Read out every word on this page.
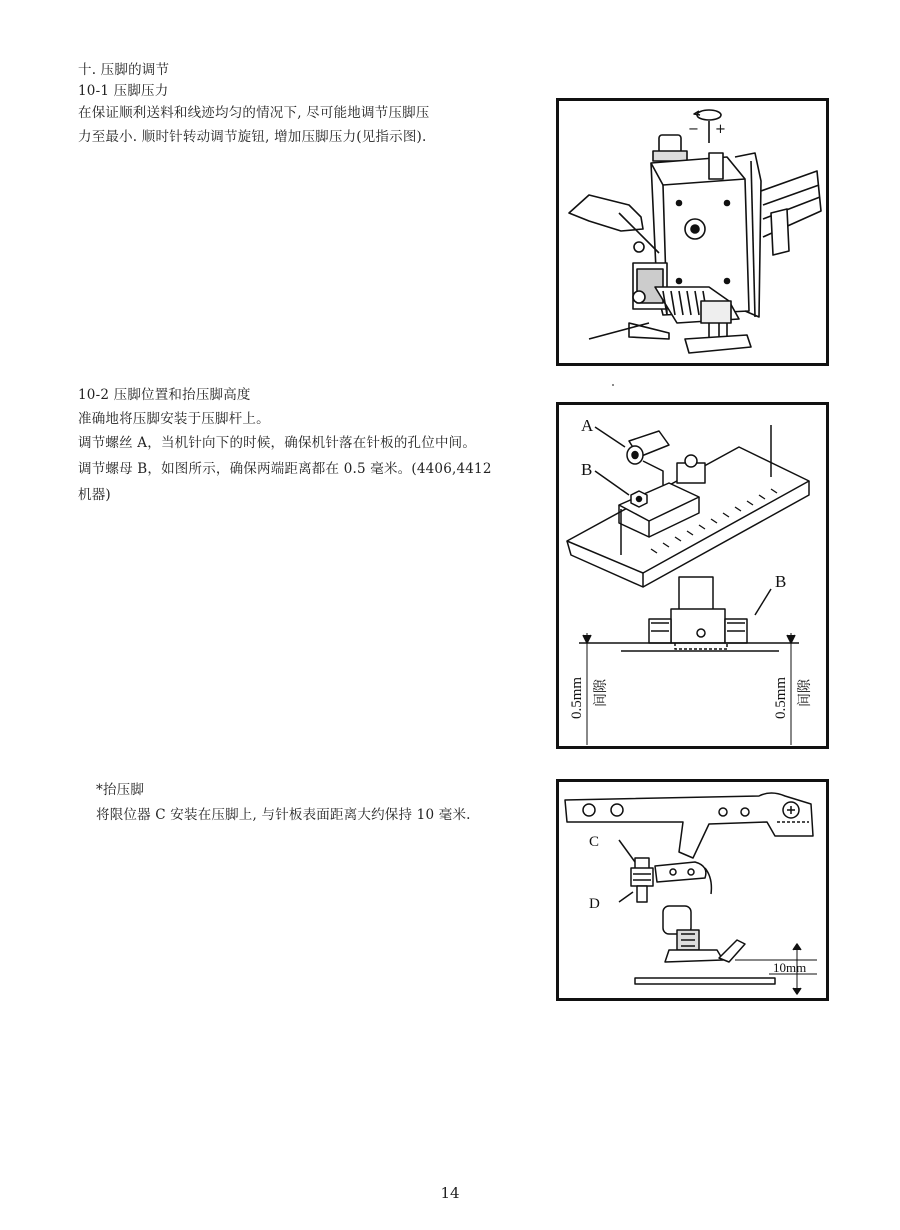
十. 压脚的调节
10-1 压脚压力
在保证顺利送料和线迹均匀的情况下, 尽可能地调节压脚压
力至最小. 顺时针转动调节旋钮, 增加压脚压力(见指示图).	− +
10-2 压脚位置和抬压脚高度
准确地将压脚安装于压脚杆上。
调节螺丝 A，当机针向下的时候，确保机针落在针板的孔位中间。
调节螺母 B，如图所示，确保两端距离都在 0.5 毫米。(4406,4412
机器)
A
B
B
0.5mm 间隙	0.5mm 间隙
*抬压脚
将限位器 C 安装在压脚上, 与针板表面距离大约保持 10 毫米.
C
D
10mm
14
